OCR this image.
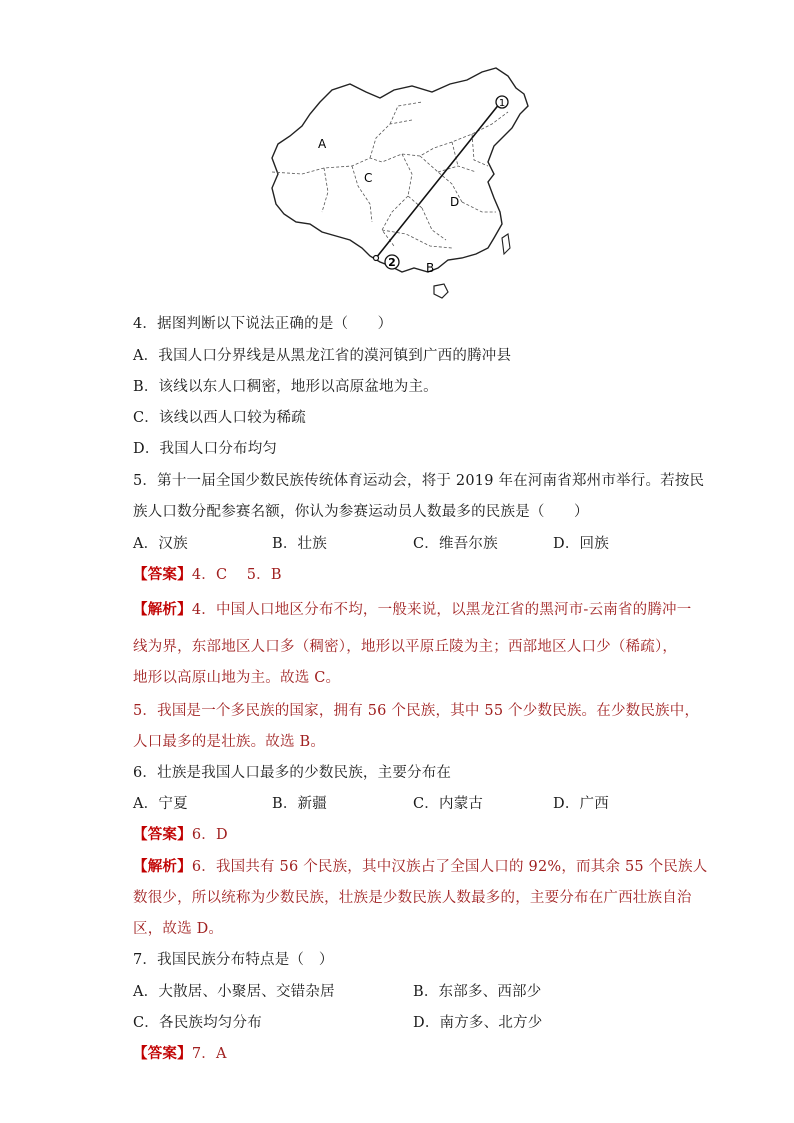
1
2
A
C
D
B
4．据图判断以下说法正确的是（　　）
A．我国人口分界线是从黑龙江省的漠河镇到广西的腾冲县
B．该线以东人口稠密，地形以高原盆地为主。
C．该线以西人口较为稀疏
D．我国人口分布均匀
5．第十一届全国少数民族传统体育运动会，将于 2019 年在河南省郑州市举行。若按民
族人口数分配参赛名额，你认为参赛运动员人数最多的民族是（　　）
A．汉族	B．壮族	C．维吾尔族	D．回族
【答案】4．C　 5．B
【解析】4．中国人口地区分布不均，一般来说，以黑龙江省的黑河市-云南省的腾冲一
线为界，东部地区人口多（稠密），地形以平原丘陵为主；西部地区人口少（稀疏），
地形以高原山地为主。故选 C。
5．我国是一个多民族的国家，拥有 56 个民族，其中 55 个少数民族。在少数民族中，
人口最多的是壮族。故选 B。
6．壮族是我国人口最多的少数民族，主要分布在
A．宁夏	B．新疆	C．内蒙古	D．广西
【答案】6．D
【解析】6．我国共有 56 个民族，其中汉族占了全国人口的 92%，而其余 55 个民族人
数很少，所以统称为少数民族，壮族是少数民族人数最多的，主要分布在广西壮族自治
区，故选 D。
7．我国民族分布特点是（　）
A．大散居、小聚居、交错杂居	B．东部多、西部少
C．各民族均匀分布	D．南方多、北方少
【答案】7．A
